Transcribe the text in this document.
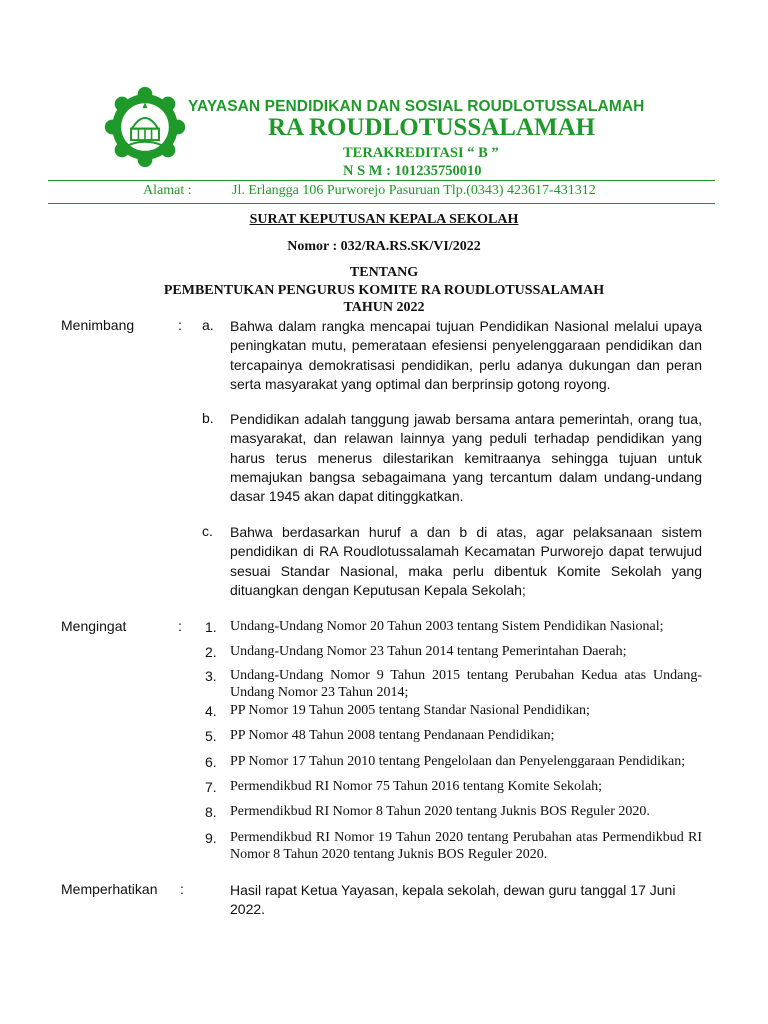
YAYASAN PENDIDIKAN DAN SOSIAL ROUDLOTUSSALAMAH
RA ROUDLOTUSSALAMAH
TERAKREDITASI “ B ”
N S M : 101235750010
Alamat :	Jl. Erlangga 106 Purworejo Pasuruan Tlp.(0343) 423617-431312
SURAT KEPUTUSAN KEPALA SEKOLAH
Nomor : 032/RA.RS.SK/VI/2022
TENTANG
PEMBENTUKAN PENGURUS KOMITE RA ROUDLOTUSSALAMAH
TAHUN 2022
Menimbang	: a. Bahwa dalam rangka mencapai tujuan Pendidikan Nasional melalui upaya peningkatan mutu, pemerataan efesiensi penyelenggaraan pendidikan dan tercapainya demokratisasi pendidikan, perlu adanya dukungan dan peran serta masyarakat yang optimal dan berprinsip gotong royong.
b. Pendidikan adalah tanggung jawab bersama antara pemerintah, orang tua, masyarakat, dan relawan lainnya yang peduli terhadap pendidikan yang harus terus menerus dilestarikan kemitraanya sehingga tujuan untuk memajukan bangsa sebagaimana yang tercantum dalam undang-undang dasar 1945 akan dapat ditinggkatkan.
c. Bahwa berdasarkan huruf a dan b di atas, agar pelaksanaan sistem pendidikan di RA Roudlotussalamah Kecamatan Purworejo dapat terwujud sesuai Standar Nasional, maka perlu dibentuk Komite Sekolah yang dituangkan dengan Keputusan Kepala Sekolah;
Mengingat	: 1. Undang-Undang Nomor 20 Tahun 2003 tentang Sistem Pendidikan Nasional;
2. Undang-Undang Nomor 23 Tahun 2014 tentang Pemerintahan Daerah;
3. Undang-Undang Nomor 9 Tahun 2015 tentang Perubahan Kedua atas Undang-Undang Nomor 23 Tahun 2014;
4. PP Nomor 19 Tahun 2005 tentang Standar Nasional Pendidikan;
5. PP Nomor 48 Tahun 2008 tentang Pendanaan Pendidikan;
6. PP Nomor 17 Tahun 2010 tentang Pengelolaan dan Penyelenggaraan Pendidikan;
7. Permendikbud RI Nomor 75 Tahun 2016 tentang Komite Sekolah;
8. Permendikbud RI Nomor 8 Tahun 2020 tentang Juknis BOS Reguler 2020.
9. Permendikbud RI Nomor 19 Tahun 2020 tentang Perubahan atas Permendikbud RI Nomor 8 Tahun 2020 tentang Juknis BOS Reguler 2020.
Memperhatikan :	Hasil rapat Ketua Yayasan, kepala sekolah, dewan guru tanggal 17 Juni 2022.
